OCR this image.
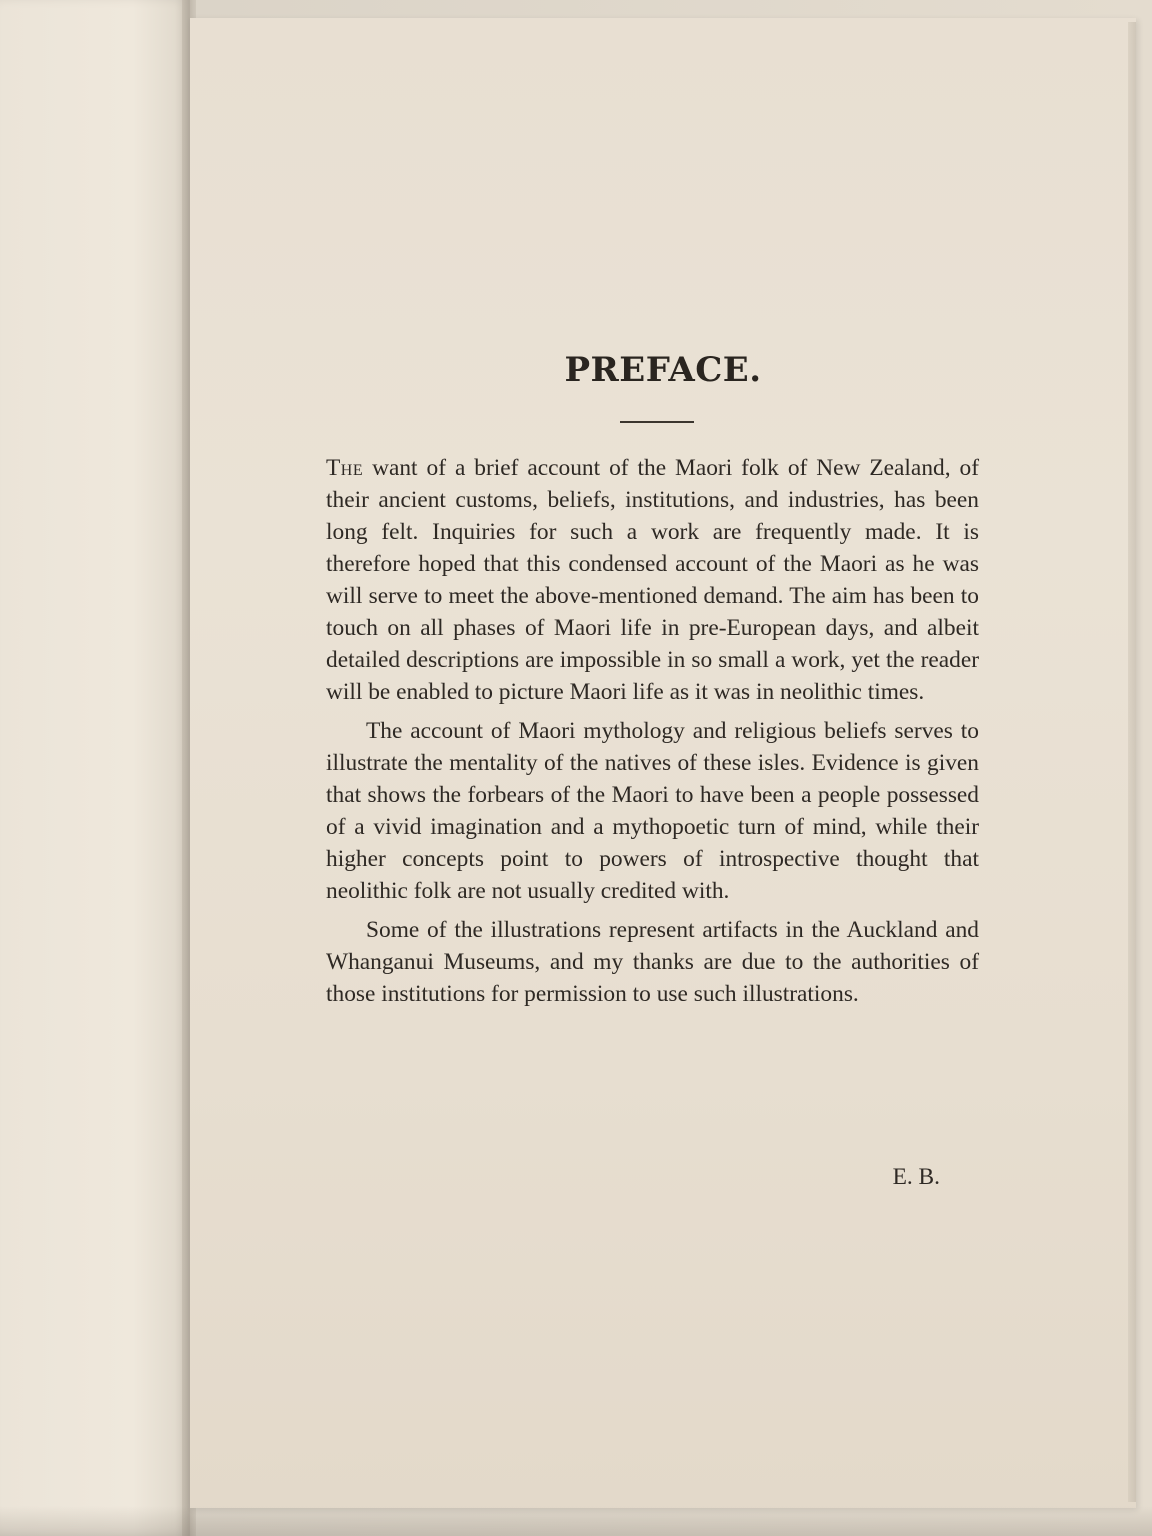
PREFACE.

The want of a brief account of the Maori folk of New Zealand, of their ancient customs, beliefs, institutions, and industries, has been long felt. Inquiries for such a work are frequently made. It is therefore hoped that this condensed account of the Maori as he was will serve to meet the above-mentioned demand. The aim has been to touch on all phases of Maori life in pre-European days, and albeit detailed descriptions are impossible in so small a work, yet the reader will be enabled to picture Maori life as it was in neolithic times.

The account of Maori mythology and religious beliefs serves to illustrate the mentality of the natives of these isles. Evidence is given that shows the forbears of the Maori to have been a people possessed of a vivid imagination and a mythopoetic turn of mind, while their higher concepts point to powers of introspective thought that neolithic folk are not usually credited with.

Some of the illustrations represent artifacts in the Auckland and Whanganui Museums, and my thanks are due to the authorities of those institutions for permission to use such illustrations.

E. B.
